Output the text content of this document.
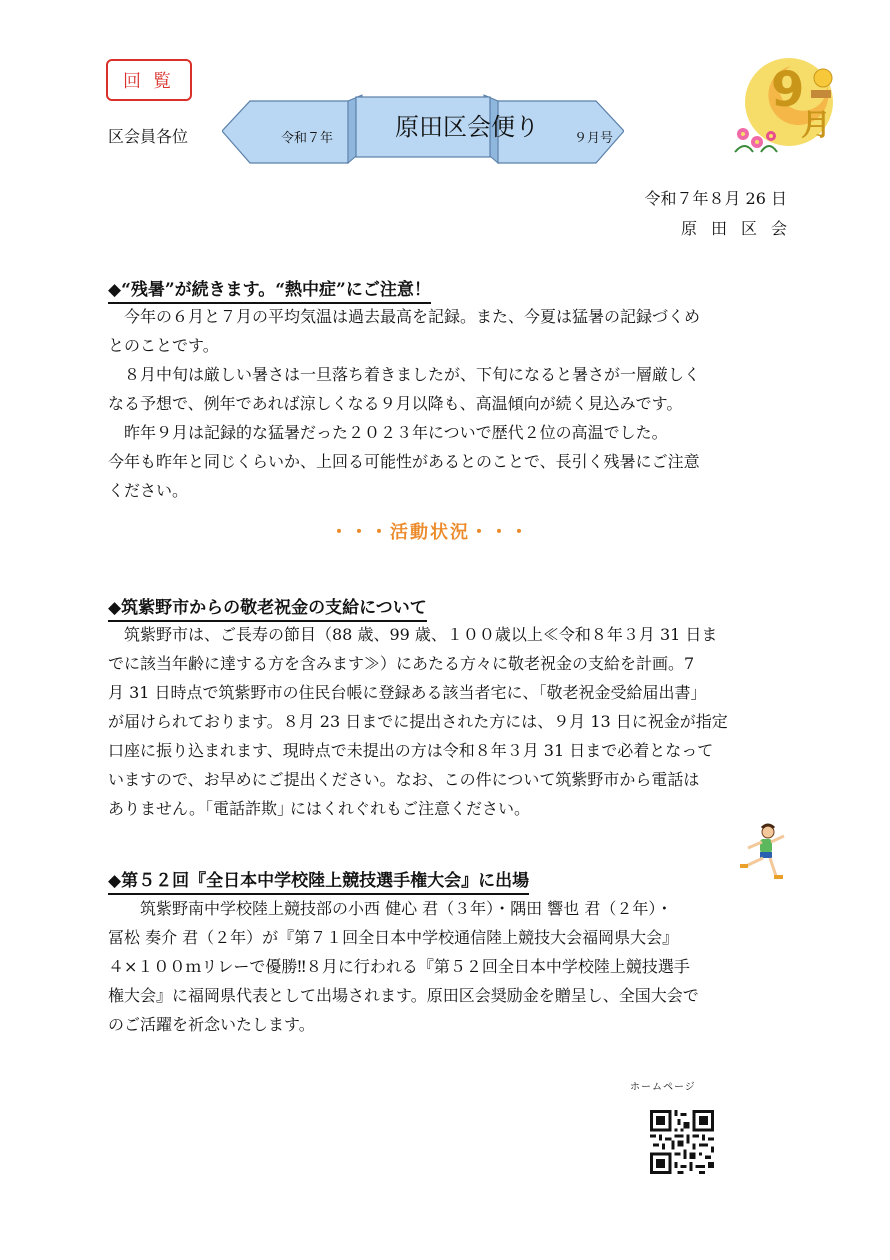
回覧
区会員各位	令和７年	原田区会便り	９月号
9
月
令和７年８月 26 日
原田区会
◆“残暑”が続きます。“熱中症”にご注意！
　今年の６月と７月の平均気温は過去最高を記録。また、今夏は猛暑の記録づくめ
とのことです。
　８月中旬は厳しい暑さは一旦落ち着きましたが、下旬になると暑さが一層厳しく
なる予想で、例年であれば涼しくなる９月以降も、高温傾向が続く見込みです。
　昨年９月は記録的な猛暑だった２０２３年についで歴代２位の高温でした。
今年も昨年と同じくらいか、上回る可能性があるとのことで、長引く残暑にご注意
ください。
・・・活動状況・・・
◆筑紫野市からの敬老祝金の支給について
　筑紫野市は、ご長寿の節目（88 歳、99 歳、１００歳以上≪令和８年３月 31 日ま
でに該当年齢に達する方を含みます≫）にあたる方々に敬老祝金の支給を計画。7
月 31 日時点で筑紫野市の住民台帳に登録ある該当者宅に、｢敬老祝金受給届出書｣
が届けられております。８月 23 日までに提出された方には、９月 13 日に祝金が指定
口座に振り込まれます、現時点で未提出の方は令和８年３月 31 日まで必着となって
いますので、お早めにご提出ください。なお、この件について筑紫野市から電話は
ありません。｢電話詐欺｣ にはくれぐれもご注意ください。
◆第５２回『全日本中学校陸上競技選手権大会』に出場
　　筑紫野南中学校陸上競技部の小西 健心 君（３年）・隅田 響也 君（２年）・
冨松 奏介 君（２年）が『第７１回全日本中学校通信陸上競技大会福岡県大会』
４×１００ｍリレーで優勝‼８月に行われる『第５２回全日本中学校陸上競技選手
権大会』に福岡県代表として出場されます。原田区会奨励金を贈呈し、全国大会で
のご活躍を祈念いたします。
ホームページ
